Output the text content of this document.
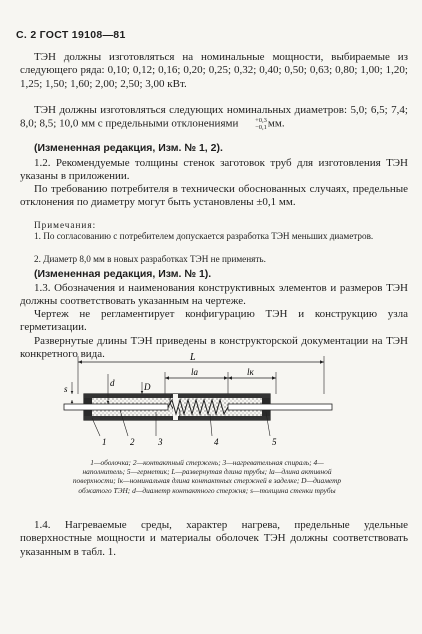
С. 2 ГОСТ 19108—81

ТЭН должны изготовляться на номинальные мощности, выбираемые из следующего ряда: 0,10; 0,12; 0,16; 0,20; 0,25; 0,32; 0,40; 0,50; 0,63; 0,80; 1,00; 1,20; 1,25; 1,50; 1,60; 2,00; 2,50; 3,00 кВт.

ТЭН должны изготовляться следующих номинальных диаметров: 5,0; 6,5; 7,4; 8,0; 8,5; 10,0 мм с предельными отклонениями	+0,3
−0,1 мм.

(Измененная редакция, Изм. № 1, 2).

1.2. Рекомендуемые толщины стенок заготовок труб для изготовления ТЭН указаны в приложении.

По требованию потребителя в технически обоснованных случаях, предельные отклонения по диаметру могут быть установлены ±0,1 мм.

Примечания:

1. По согласованию с потребителем допускается разработка ТЭН меньших диаметров.

2. Диаметр 8,0 мм в новых разработках ТЭН не применять.

(Измененная редакция, Изм. № 1).

1.3. Обозначения и наименования конструктивных элементов и размеров ТЭН должны соответствовать указанным на чертеже.

Чертеж не регламентирует конфигурацию ТЭН и конструкцию узла герметизации.

Развернутые длины ТЭН приведены в конструкторской документации на ТЭН конкретного вида.	L
lа	lк
s
d	D
1	2	3	4	5

1—оболочка; 2—контактный стержень; 3—нагревательная спираль; 4—наполнитель; 5—герметик; L—развернутая длина трубы; lа—длина активной поверхности; lк—номинальная длина контактных стержней в заделке; D—диаметр обжатого ТЭН; d—диаметр контактного стержня; s—толщина стенки трубы

1.4. Нагреваемые среды, характер нагрева, предельные удельные поверхностные мощности и материалы оболочек ТЭН должны соответствовать указанным в табл. 1.
